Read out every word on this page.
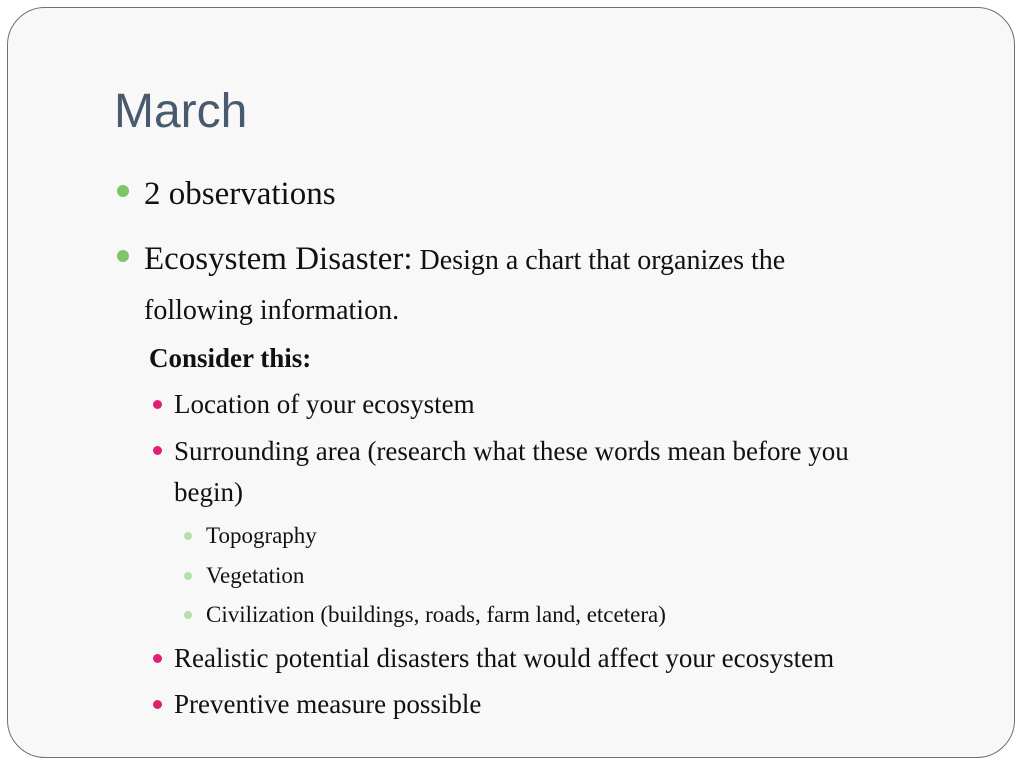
March
2 observations
Ecosystem Disaster: Design a chart that organizes the
following information.
Consider this:
Location of your ecosystem
Surrounding area (research what these words mean before you
begin)
Realistic potential disasters that would affect your ecosystem
Preventive measure possible
Topography
Vegetation
Civilization (buildings, roads, farm land, etcetera)
